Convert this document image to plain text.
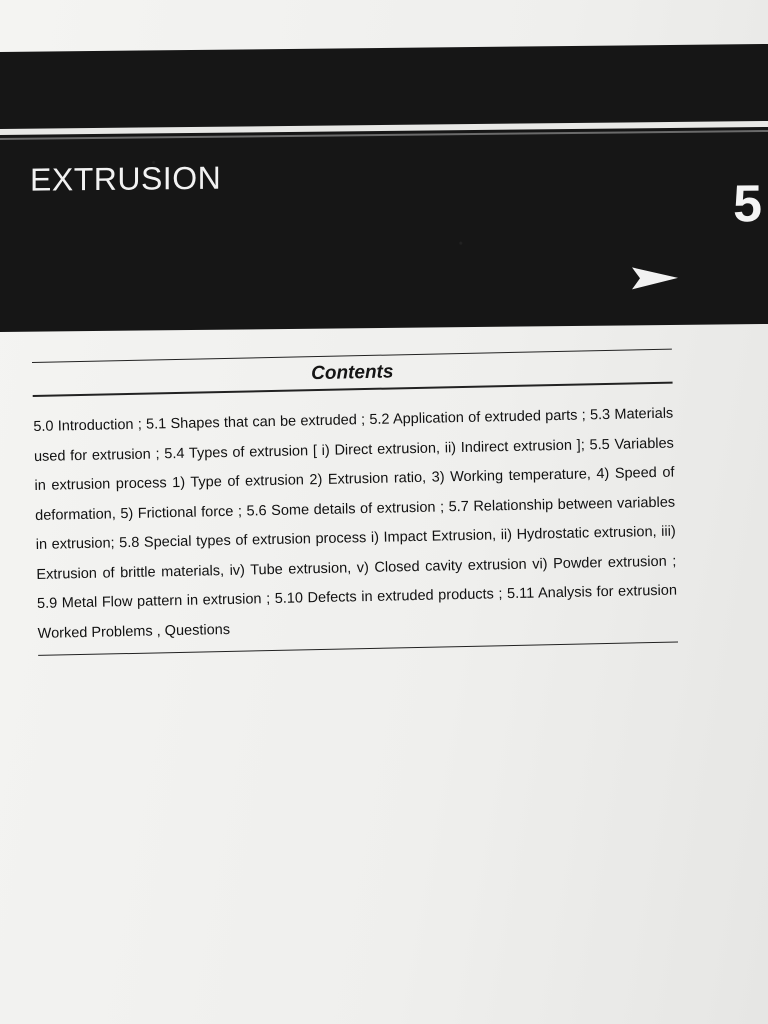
EXTRUSION	5
Contents
5.0 Introduction ; 5.1 Shapes that can be extruded ; 5.2 Application of extruded parts ; 5.3 Materials used for extrusion ; 5.4 Types of extrusion [ i) Direct extrusion, ii) Indirect extrusion ]; 5.5 Variables in extrusion process 1) Type of extrusion 2) Extrusion ratio, 3) Working temperature, 4) Speed of deformation, 5) Frictional force ; 5.6 Some details of extrusion ; 5.7 Relationship between variables in extrusion; 5.8 Special types of extrusion process i) Impact Extrusion, ii) Hydrostatic extrusion, iii) Extrusion of brittle materials, iv) Tube extrusion, v) Closed cavity extrusion vi) Powder extrusion ; 5.9 Metal Flow pattern in extrusion ; 5.10 Defects in extruded products ; 5.11 Analysis for extrusion Worked Problems , Questions
